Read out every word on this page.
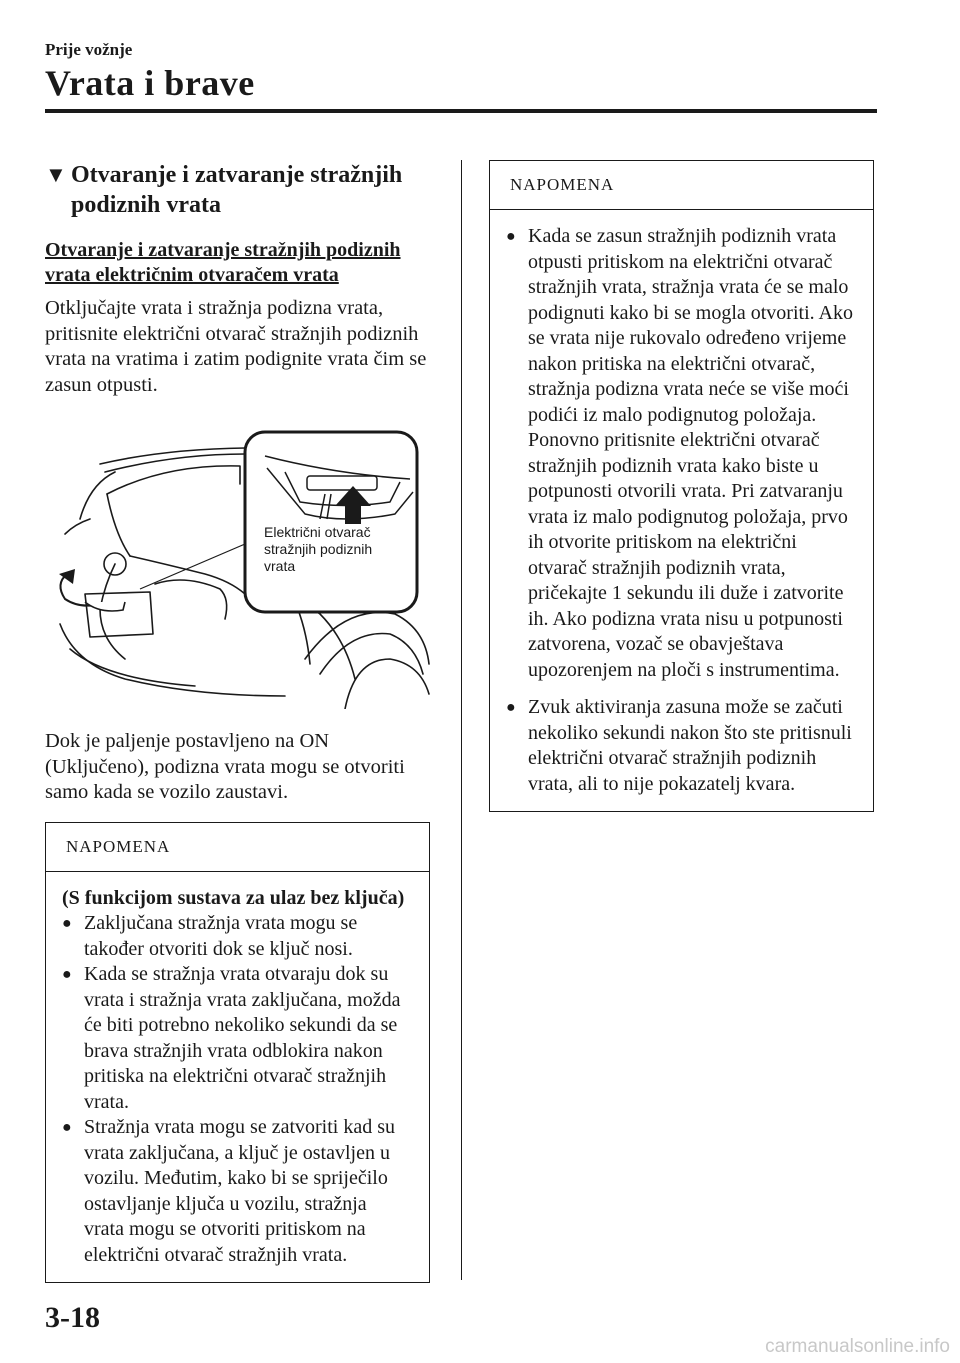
Prije vožnje
Vrata i brave
▼ Otvaranje i zatvaranje stražnjih
podiznih vrata
Otvaranje i zatvaranje stražnjih podiznih vrata električnim otvaračem vrata
Otključajte vrata i stražnja podizna vrata, pritisnite električni otvarač stražnjih podiznih vrata na vratima i zatim podignite vrata čim se zasun otpusti.
Električni otvarač
stražnjih podiznih
vrata
Dok je paljenje postavljeno na ON (Uključeno), podizna vrata mogu se otvoriti samo kada se vozilo zaustavi.
NAPOMENA
(S funkcijom sustava za ulaz bez ključa)
● Zaključana stražnja vrata mogu se također otvoriti dok se ključ nosi.
● Kada se stražnja vrata otvaraju dok su vrata i stražnja vrata zaključana, možda će biti potrebno nekoliko sekundi da se brava stražnjih vrata odblokira nakon pritiska na električni otvarač stražnjih vrata.
● Stražnja vrata mogu se zatvoriti kad su vrata zaključana, a ključ je ostavljen u vozilu. Međutim, kako bi se spriječilo ostavljanje ključa u vozilu, stražnja vrata mogu se otvoriti pritiskom na električni otvarač stražnjih vrata.
NAPOMENA
● Kada se zasun stražnjih podiznih vrata otpusti pritiskom na električni otvarač stražnjih vrata, stražnja vrata će se malo podignuti kako bi se mogla otvoriti. Ako se vrata nije rukovalo određeno vrijeme nakon pritiska na električni otvarač, stražnja podizna vrata neće se više moći podići iz malo podignutog položaja. Ponovno pritisnite električni otvarač stražnjih podiznih vrata kako biste u potpunosti otvorili vrata. Pri zatvaranju vrata iz malo podignutog položaja, prvo ih otvorite pritiskom na električni otvarač stražnjih podiznih vrata, pričekajte 1 sekundu ili duže i zatvorite ih. Ako podizna vrata nisu u potpunosti zatvorena, vozač se obavještava upozorenjem na ploči s instrumentima.
● Zvuk aktiviranja zasuna može se začuti nekoliko sekundi nakon što ste pritisnuli električni otvarač stražnjih podiznih vrata, ali to nije pokazatelj kvara.
3-18
carmanualsonline.info
